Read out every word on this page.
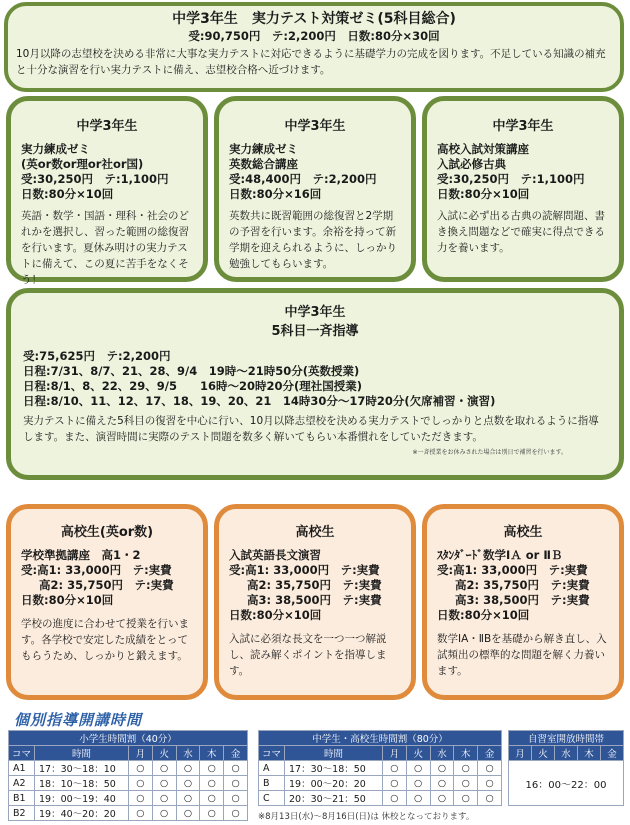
中学3年生　実力テスト対策ゼミ(5科目総合)
受:90,750円　テ:2,200円　日数:80分×30回
10月以降の志望校を決める非常に大事な実力テストに対応できるように基礎学力の完成を図ります。不足している知識の補充と十分な演習を行い実力テストに備え、志望校合格へ近づけます。
中学3年生
実力練成ゼミ
(英or数or理or社or国)
受:30,250円　テ:1,100円
日数:80分×10回
英語・数学・国語・理科・社会のどれかを選択し、習った範囲の総復習を行います。夏休み明けの実力テストに備えて、この夏に苦手をなくそう！
中学3年生
実力練成ゼミ
英数総合講座
受:48,400円　テ:2,200円
日数:80分×16回
英数共に既習範囲の総復習と2学期の予習を行います。余裕を持って新学期を迎えられるように、しっかり勉強してもらいます。
中学3年生
高校入試対策講座
入試必修古典
受:30,250円　テ:1,100円
日数:80分×10回
入試に必ず出る古典の読解問題、書き換え問題などで確実に得点できる力を養います。
中学3年生
5科目一斉指導
受:75,625円　テ:2,200円
日程:7/31、8/7、21、28、9/4　19時～21時50分(英数授業)
日程:8/1、8、22、29、9/5　　16時～20時20分(理社国授業)
日程:8/10、11、12、17、18、19、20、21　14時30分～17時20分(欠席補習・演習)
実力テストに備えた5科目の復習を中心に行い、10月以降志望校を決める実力テストでしっかりと点数を取れるように指導します。また、演習時間に実際のテスト問題を数多く解いてもらい本番慣れをしていただきます。
※一斉授業をお休みされた場合は別日で補習を行います。
高校生(英or数)
学校準拠講座　高1・2
受:高1: 33,000円　テ:実費
高2: 35,750円　テ:実費
日数:80分×10回
学校の進度に合わせて授業を行います。各学校で安定した成績をとってもらうため、しっかりと鍛えます。
高校生
入試英語長文演習
受:高1: 33,000円　テ:実費
高2: 35,750円　テ:実費
高3: 38,500円　テ:実費
日数:80分×10回
入試に必須な長文を一つ一つ解説し、読み解くポイントを指導します。
高校生
ｽﾀﾝﾀﾞｰﾄﾞ数学ⅠＡ or ⅡＢ
受:高1: 33,000円　テ:実費
高2: 35,750円　テ:実費
高3: 38,500円　テ:実費
日数:80分×10回
数学ⅠA・ⅡBを基礎から解き直し、入試頻出の標準的な問題を解く力養います。
個別指導開講時間
小学生時間割（40分）						
コマ	時間	月	火	水	木	金
A1	17：30～18：10	○	○	○	○	○
A2	18：10～18：50	○	○	○	○	○
B1	19：00～19：40	○	○	○	○	○
B2	19：40～20：20	○	○	○	○	○
中学生・高校生時間割（80分）						
コマ	時間	月	火	水	木	金
A	17：30～18：50	○	○	○	○	○
B	19：00～20：20	○	○	○	○	○
C	20：30～21：50	○	○	○	○	○
自習室開放時間帯
月	火	水	木	金
16：00～22：00
※8月13日(水)～8月16日(日)は 休校となっております。
